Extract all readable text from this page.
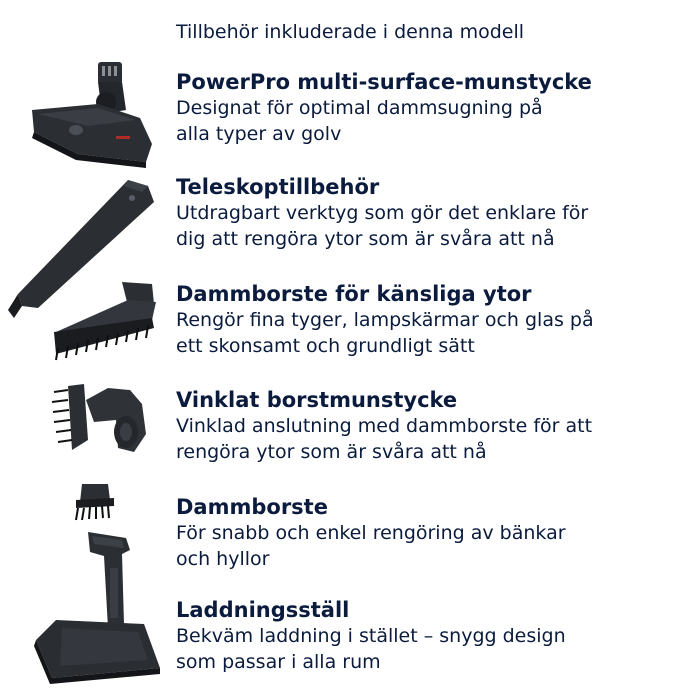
Tillbehör inkluderade i denna modell
PowerPro multi-surface-munstycke
Designat för optimal dammsugning på
alla typer av golv
Teleskoptillbehör
Utdragbart verktyg som gör det enklare för
dig att rengöra ytor som är svåra att nå
Dammborste för känsliga ytor
Rengör fina tyger, lampskärmar och glas på
ett skonsamt och grundligt sätt
Vinklat borstmunstycke
Vinklad anslutning med dammborste för att
rengöra ytor som är svåra att nå
Dammborste
För snabb och enkel rengöring av bänkar
och hyllor
Laddningsställ
Bekväm laddning i stället – snygg design
som passar i alla rum
